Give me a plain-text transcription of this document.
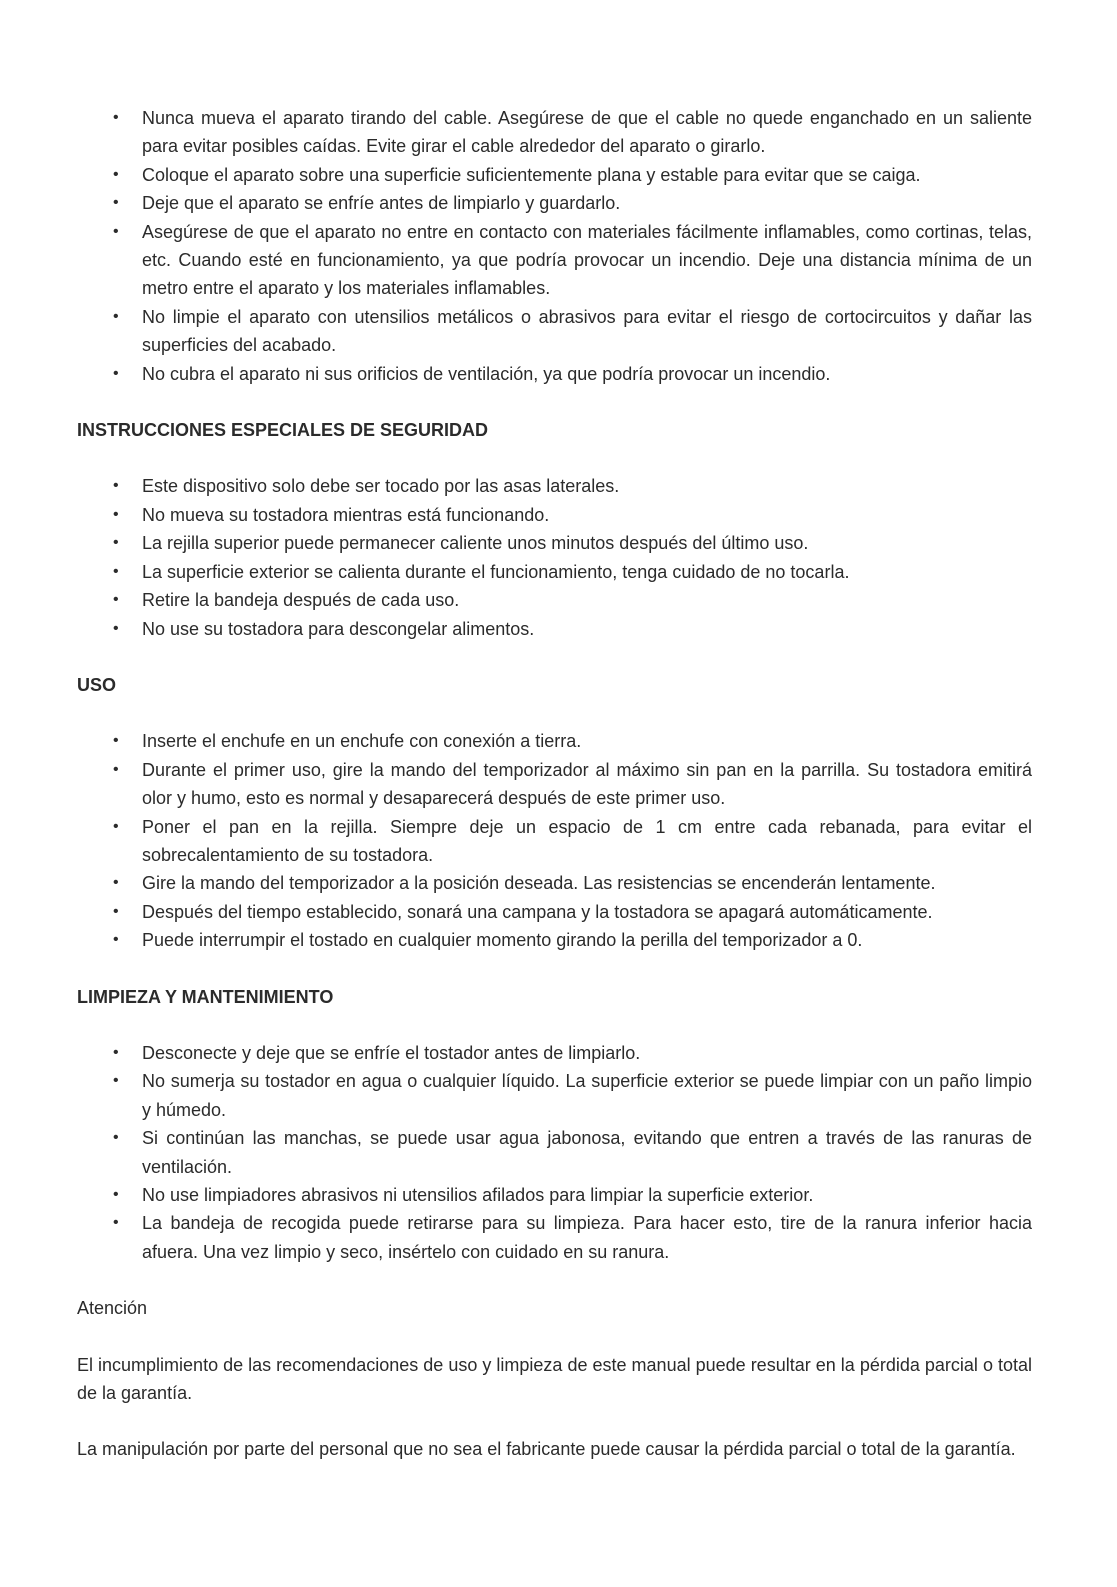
• Nunca mueva el aparato tirando del cable. Asegúrese de que el cable no quede enganchado en un saliente para evitar posibles caídas. Evite girar el cable alrededor del aparato o girarlo.
• Coloque el aparato sobre una superficie suficientemente plana y estable para evitar que se caiga.
• Deje que el aparato se enfríe antes de limpiarlo y guardarlo.
• Asegúrese de que el aparato no entre en contacto con materiales fácilmente inflamables, como cortinas, telas, etc. Cuando esté en funcionamiento, ya que podría provocar un incendio. Deje una distancia mínima de un metro entre el aparato y los materiales inflamables.
• No limpie el aparato con utensilios metálicos o abrasivos para evitar el riesgo de cortocircuitos y dañar las superficies del acabado.
• No cubra el aparato ni sus orificios de ventilación, ya que podría provocar un incendio.
INSTRUCCIONES ESPECIALES DE SEGURIDAD
• Este dispositivo solo debe ser tocado por las asas laterales.
• No mueva su tostadora mientras está funcionando.
• La rejilla superior puede permanecer caliente unos minutos después del último uso.
• La superficie exterior se calienta durante el funcionamiento, tenga cuidado de no tocarla.
• Retire la bandeja después de cada uso.
• No use su tostadora para descongelar alimentos.
USO
• Inserte el enchufe en un enchufe con conexión a tierra.
• Durante el primer uso, gire la mando del temporizador al máximo sin pan en la parrilla. Su tostadora emitirá olor y humo, esto es normal y desaparecerá después de este primer uso.
• Poner el pan en la rejilla. Siempre deje un espacio de 1 cm entre cada rebanada, para evitar el sobrecalentamiento de su tostadora.
• Gire la mando del temporizador a la posición deseada. Las resistencias se encenderán lentamente.
• Después del tiempo establecido, sonará una campana y la tostadora se apagará automáticamente.
• Puede interrumpir el tostado en cualquier momento girando la perilla del temporizador a 0.
LIMPIEZA Y MANTENIMIENTO
• Desconecte y deje que se enfríe el tostador antes de limpiarlo.
• No sumerja su tostador en agua o cualquier líquido. La superficie exterior se puede limpiar con un paño limpio y húmedo.
• Si continúan las manchas, se puede usar agua jabonosa, evitando que entren a través de las ranuras de ventilación.
• No use limpiadores abrasivos ni utensilios afilados para limpiar la superficie exterior.
• La bandeja de recogida puede retirarse para su limpieza. Para hacer esto, tire de la ranura inferior hacia afuera. Una vez limpio y seco, insértelo con cuidado en su ranura.

Atención

El incumplimiento de las recomendaciones de uso y limpieza de este manual puede resultar en la pérdida parcial o total de la garantía.

La manipulación por parte del personal que no sea el fabricante puede causar la pérdida parcial o total de la garantía.
